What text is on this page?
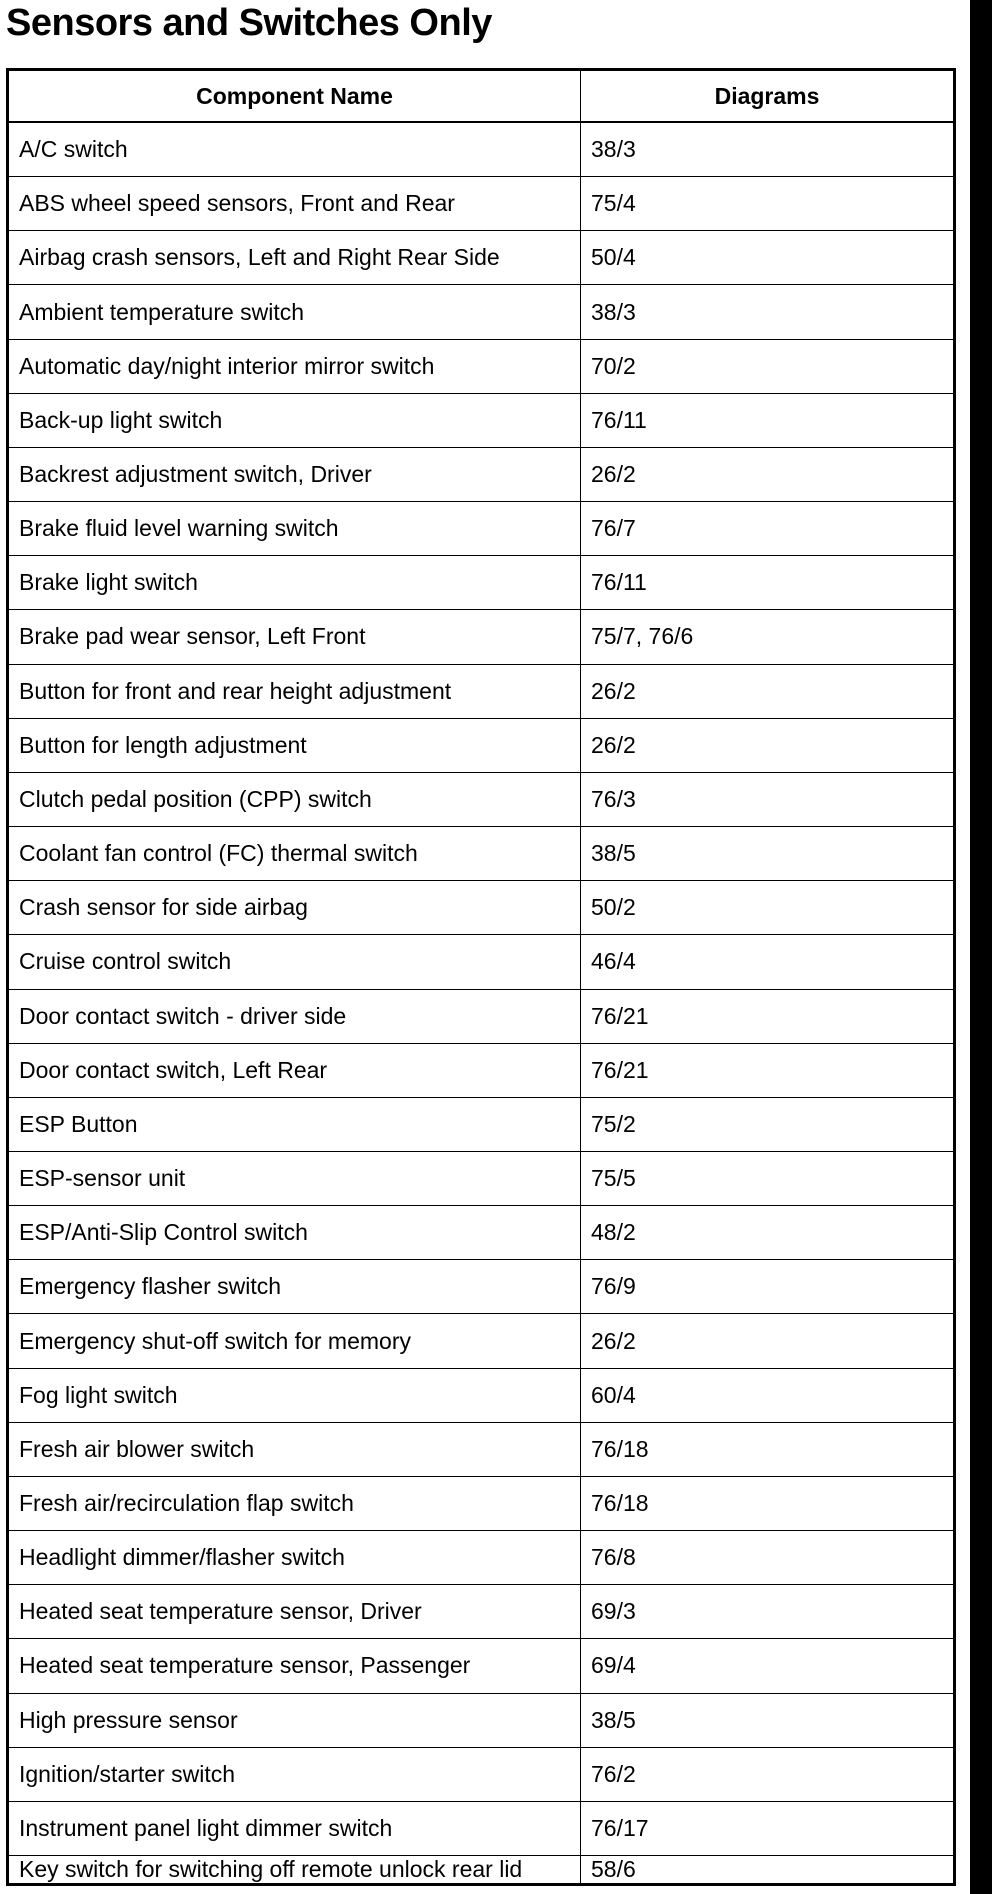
Sensors and Switches Only
Component Name	Diagrams
A/C switch	38/3
ABS wheel speed sensors, Front and Rear	75/4
Airbag crash sensors, Left and Right Rear Side	50/4
Ambient temperature switch	38/3
Automatic day/night interior mirror switch	70/2
Back-up light switch	76/11
Backrest adjustment switch, Driver	26/2
Brake fluid level warning switch	76/7
Brake light switch	76/11
Brake pad wear sensor, Left Front	75/7, 76/6
Button for front and rear height adjustment	26/2
Button for length adjustment	26/2
Clutch pedal position (CPP) switch	76/3
Coolant fan control (FC) thermal switch	38/5
Crash sensor for side airbag	50/2
Cruise control switch	46/4
Door contact switch - driver side	76/21
Door contact switch, Left Rear	76/21
ESP Button	75/2
ESP-sensor unit	75/5
ESP/Anti-Slip Control switch	48/2
Emergency flasher switch	76/9
Emergency shut-off switch for memory	26/2
Fog light switch	60/4
Fresh air blower switch	76/18
Fresh air/recirculation flap switch	76/18
Headlight dimmer/flasher switch	76/8
Heated seat temperature sensor, Driver	69/3
Heated seat temperature sensor, Passenger	69/4
High pressure sensor	38/5
Ignition/starter switch	76/2
Instrument panel light dimmer switch	76/17
Key switch for switching off remote unlock rear lid	58/6
